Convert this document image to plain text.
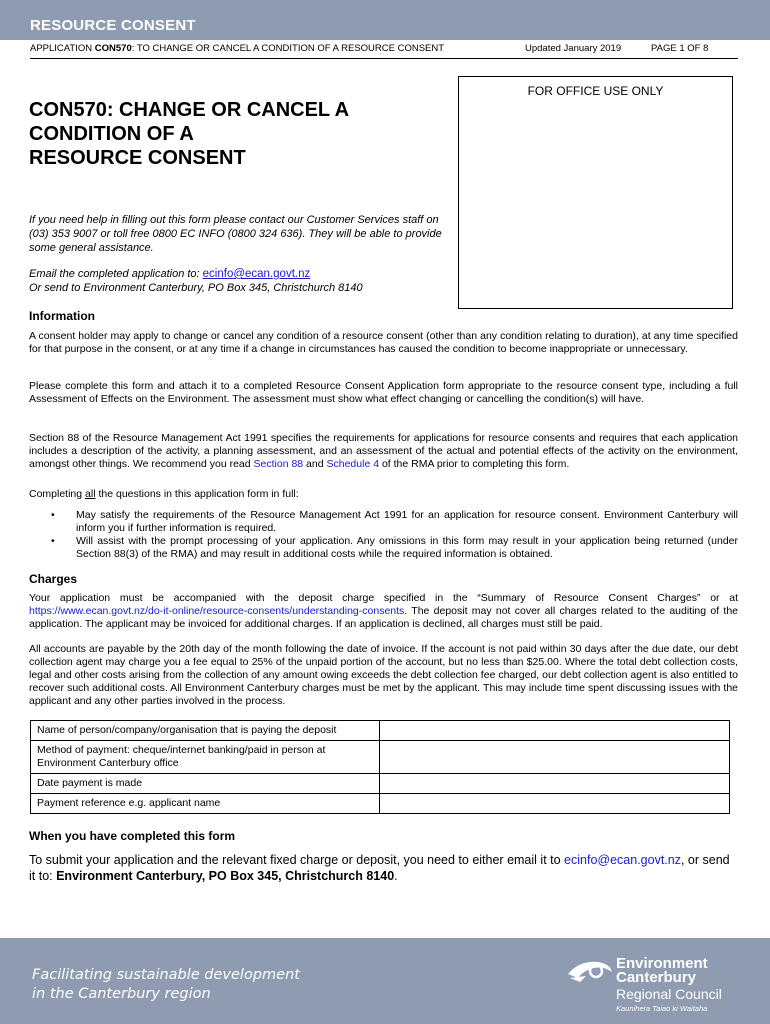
RESOURCE CONSENT
APPLICATION CON570: TO CHANGE OR CANCEL A CONDITION OF A RESOURCE CONSENT	Updated January 2019	PAGE 1 OF 8
FOR OFFICE USE ONLY
CON570: CHANGE OR CANCEL A
CONDITION OF A
RESOURCE CONSENT
If you need help in filling out this form please contact our Customer Services staff on (03) 353 9007 or toll free 0800 EC INFO (0800 324 636). They will be able to provide some general assistance.
Email the completed application to: ecinfo@ecan.govt.nz
Or send to Environment Canterbury, PO Box 345, Christchurch 8140
Information

A consent holder may apply to change or cancel any condition of a resource consent (other than any condition relating to duration), at any time specified for that purpose in the consent, or at any time if a change in circumstances has caused the condition to become inappropriate or unnecessary.

Please complete this form and attach it to a completed Resource Consent Application form appropriate to the resource consent type, including a full Assessment of Effects on the Environment. The assessment must show what effect changing or cancelling the condition(s) will have.

Section 88 of the Resource Management Act 1991 specifies the requirements for applications for resource consents and requires that each application includes a description of the activity, a planning assessment, and an assessment of the actual and potential effects of the activity on the environment, amongst other things. We recommend you read Section 88 and Schedule 4 of the RMA prior to completing this form.

Completing all the questions in this application form in full:

• May satisfy the requirements of the Resource Management Act 1991 for an application for resource consent. Environment Canterbury will inform you if further information is required.
• Will assist with the prompt processing of your application. Any omissions in this form may result in your application being returned (under Section 88(3) of the RMA) and may result in additional costs while the required information is obtained.
Charges

Your application must be accompanied with the deposit charge specified in the “Summary of Resource Consent Charges” or at https://www.ecan.govt.nz/do-it-online/resource-consents/understanding-consents. The deposit may not cover all charges related to the auditing of the application. The applicant may be invoiced for additional charges. If an application is declined, all charges must still be paid.

All accounts are payable by the 20th day of the month following the date of invoice. If the account is not paid within 30 days after the due date, our debt collection agent may charge you a fee equal to 25% of the unpaid portion of the account, but no less than $25.00. Where the total debt collection costs, legal and other costs arising from the collection of any amount owing exceeds the debt collection fee charged, our debt collection agent is also entitled to recover such additional costs. All Environment Canterbury charges must be met by the applicant. This may include time spent discussing issues with the applicant and any other parties involved in the process.

Name of person/company/organisation that is paying the deposit	
Method of payment: cheque/internet banking/paid in person at Environment Canterbury office	
Date payment is made	
Payment reference e.g. applicant name	
When you have completed this form
To submit your application and the relevant fixed charge or deposit, you need to either email it to ecinfo@ecan.govt.nz, or send it to: Environment Canterbury, PO Box 345, Christchurch 8140.
Facilitating sustainable development
in the Canterbury region
Environment
Canterbury
Regional Council
Kaunihera Taiao ki Waitaha
